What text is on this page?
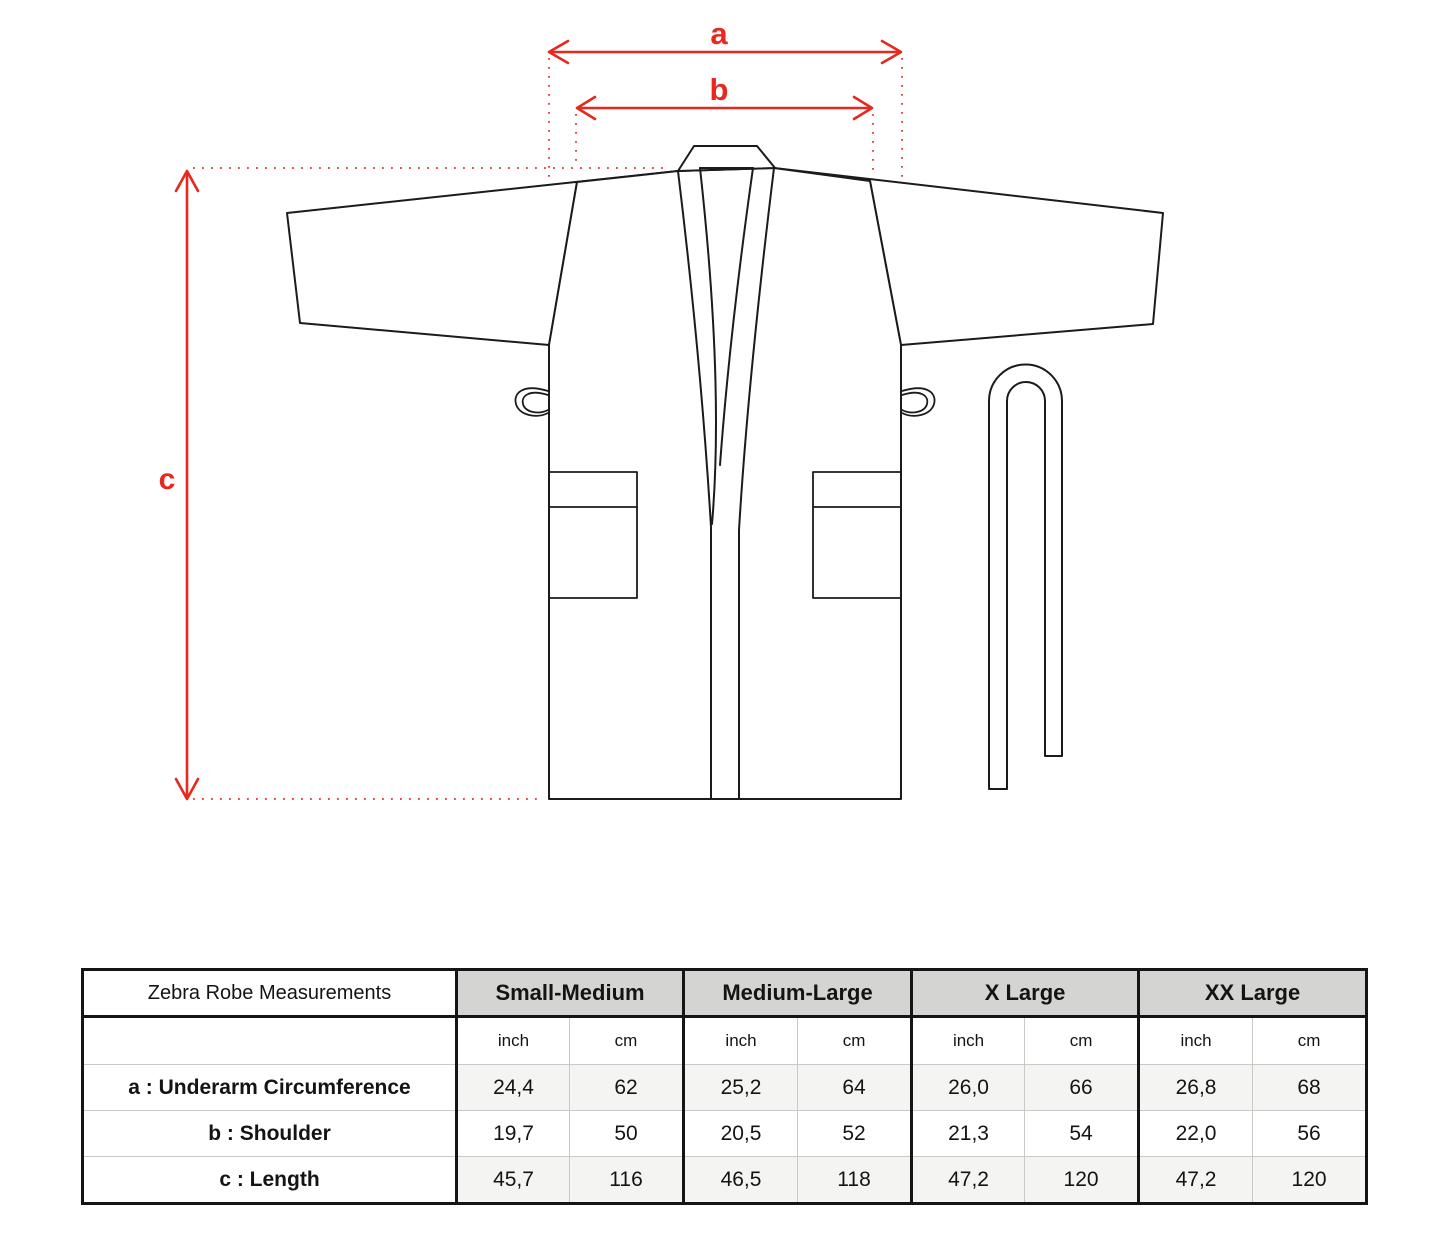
a
b
c
Zebra Robe Measurements	Small-Medium		Medium-Large		X Large		XX Large	
	inch	cm	inch	cm	inch	cm	inch	cm
a : Underarm Circumference	24,4	62	25,2	64	26,0	66	26,8	68
b : Shoulder	19,7	50	20,5	52	21,3	54	22,0	56
c : Length	45,7	116	46,5	118	47,2	120	47,2	120
